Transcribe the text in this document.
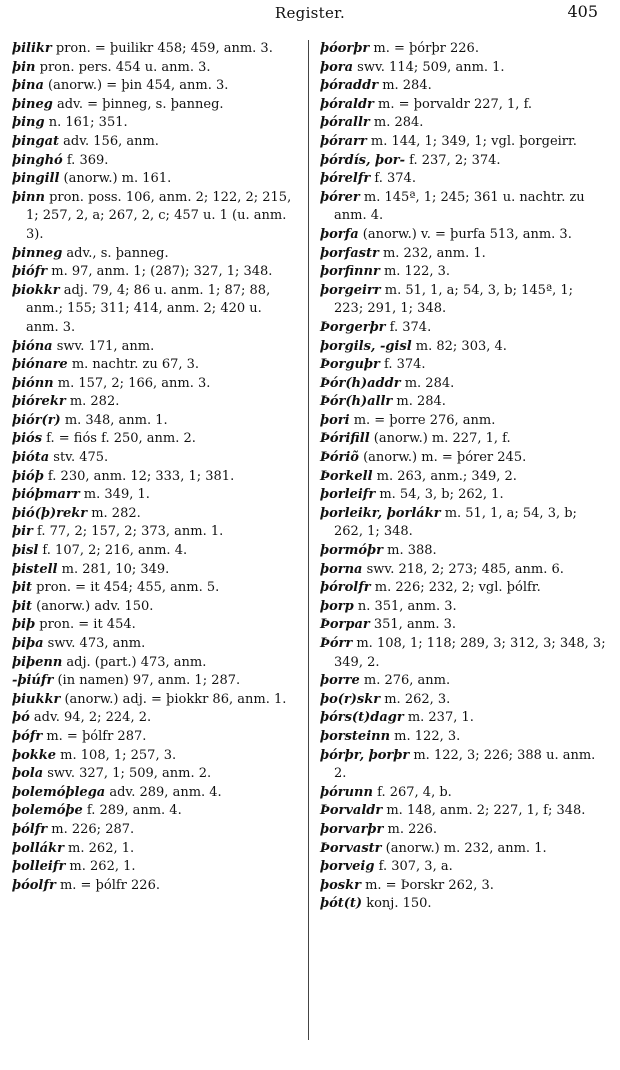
Register.	405

þilikr pron. = þuilikr 458; 459, anm. 3.

þin pron. pers. 454 u. anm. 3.

þina (anorw.) = þin 454, anm. 3.

þineg adv. = þinneg, s. þanneg.

þing n. 161; 351.

þingat adv. 156, anm.

þinghó f. 369.

þingill (anorw.) m. 161.

þinn pron. poss. 106, anm. 2; 122, 2; 215, 1; 257, 2, a; 267, 2, c; 457 u. 1 (u. anm. 3).

þinneg adv., s. þanneg.

þiófr m. 97, anm. 1; (287); 327, 1; 348.

þiokkr adj. 79, 4; 86 u. anm. 1; 87; 88, anm.; 155; 311; 414, anm. 2; 420 u. anm. 3.

þióna swv. 171, anm.

þiónare m. nachtr. zu 67, 3.

þiónn m. 157, 2; 166, anm. 3.

þiórekr m. 282.

þiór(r) m. 348, anm. 1.

þiós f. = fiós f. 250, anm. 2.

þióta stv. 475.

þióþ f. 230, anm. 12; 333, 1; 381.

þióþmarr m. 349, 1.

þió(þ)rekr m. 282.

þir f. 77, 2; 157, 2; 373, anm. 1.

þisl f. 107, 2; 216, anm. 4.

þistell m. 281, 10; 349.

þit pron. = it 454; 455, anm. 5.

þit (anorw.) adv. 150.

þiþ pron. = it 454.

þiþa swv. 473, anm.

þiþenn adj. (part.) 473, anm.

-þiúfr (in namen) 97, anm. 1; 287.

þiukkr (anorw.) adj. = þiokkr 86, anm. 1.

þó adv. 94, 2; 224, 2.

þófr m. = þólfr 287.

þokke m. 108, 1; 257, 3.

þola swv. 327, 1; 509, anm. 2.

þolemóþlega adv. 289, anm. 4.

þolemóþe f. 289, anm. 4.

þólfr m. 226; 287.

þollákr m. 262, 1.

þolleifr m. 262, 1.

þóolfr m. = þólfr 226.

þóorþr m. = þórþr 226.

þora swv. 114; 509, anm. 1.

þóraddr m. 284.

þóraldr m. = þorvaldr 227, 1, f.

þórallr m. 284.

þórarr m. 144, 1; 349, 1; vgl. þorgeirr.

þórdís, þor- f. 237, 2; 374.

þórelfr f. 374.

þórer m. 145ª, 1; 245; 361 u. nachtr. zu anm. 4.

þorfa (anorw.) v. = þurfa 513, anm. 3.

þorfastr m. 232, anm. 1.

þorfinnr m. 122, 3.

þorgeirr m. 51, 1, a; 54, 3, b; 145ª, 1; 223; 291, 1; 348.

Þorgerþr f. 374.

þorgils, -gisl m. 82; 303, 4.

Þorguþr f. 374.

Þór(h)addr m. 284.

Þór(h)allr m. 284.

þori m. = þorre 276, anm.

Þórifill (anorw.) m. 227, 1, f.

Þóriõ (anorw.) m. = þórer 245.

Þorkell m. 263, anm.; 349, 2.

þorleifr m. 54, 3, b; 262, 1.

þorleikr, þorlákr m. 51, 1, a; 54, 3, b; 262, 1; 348.

þormóþr m. 388.

þorna swv. 218, 2; 273; 485, anm. 6.

þórolfr m. 226; 232, 2; vgl. þólfr.

þorp n. 351, anm. 3.

Þorpar 351, anm. 3.

Þórr m. 108, 1; 118; 289, 3; 312, 3; 348, 3; 349, 2.

þorre m. 276, anm.

þo(r)skr m. 262, 3.

þórs(t)dagr m. 237, 1.

þorsteinn m. 122, 3.

þórþr, þorþr m. 122, 3; 226; 388 u. anm. 2.

þórunn f. 267, 4, b.

Þorvaldr m. 148, anm. 2; 227, 1, f; 348.

þorvarþr m. 226.

Þorvastr (anorw.) m. 232, anm. 1.

þorveig f. 307, 3, a.

þoskr m. = Þorskr 262, 3.

þót(t) konj. 150.
